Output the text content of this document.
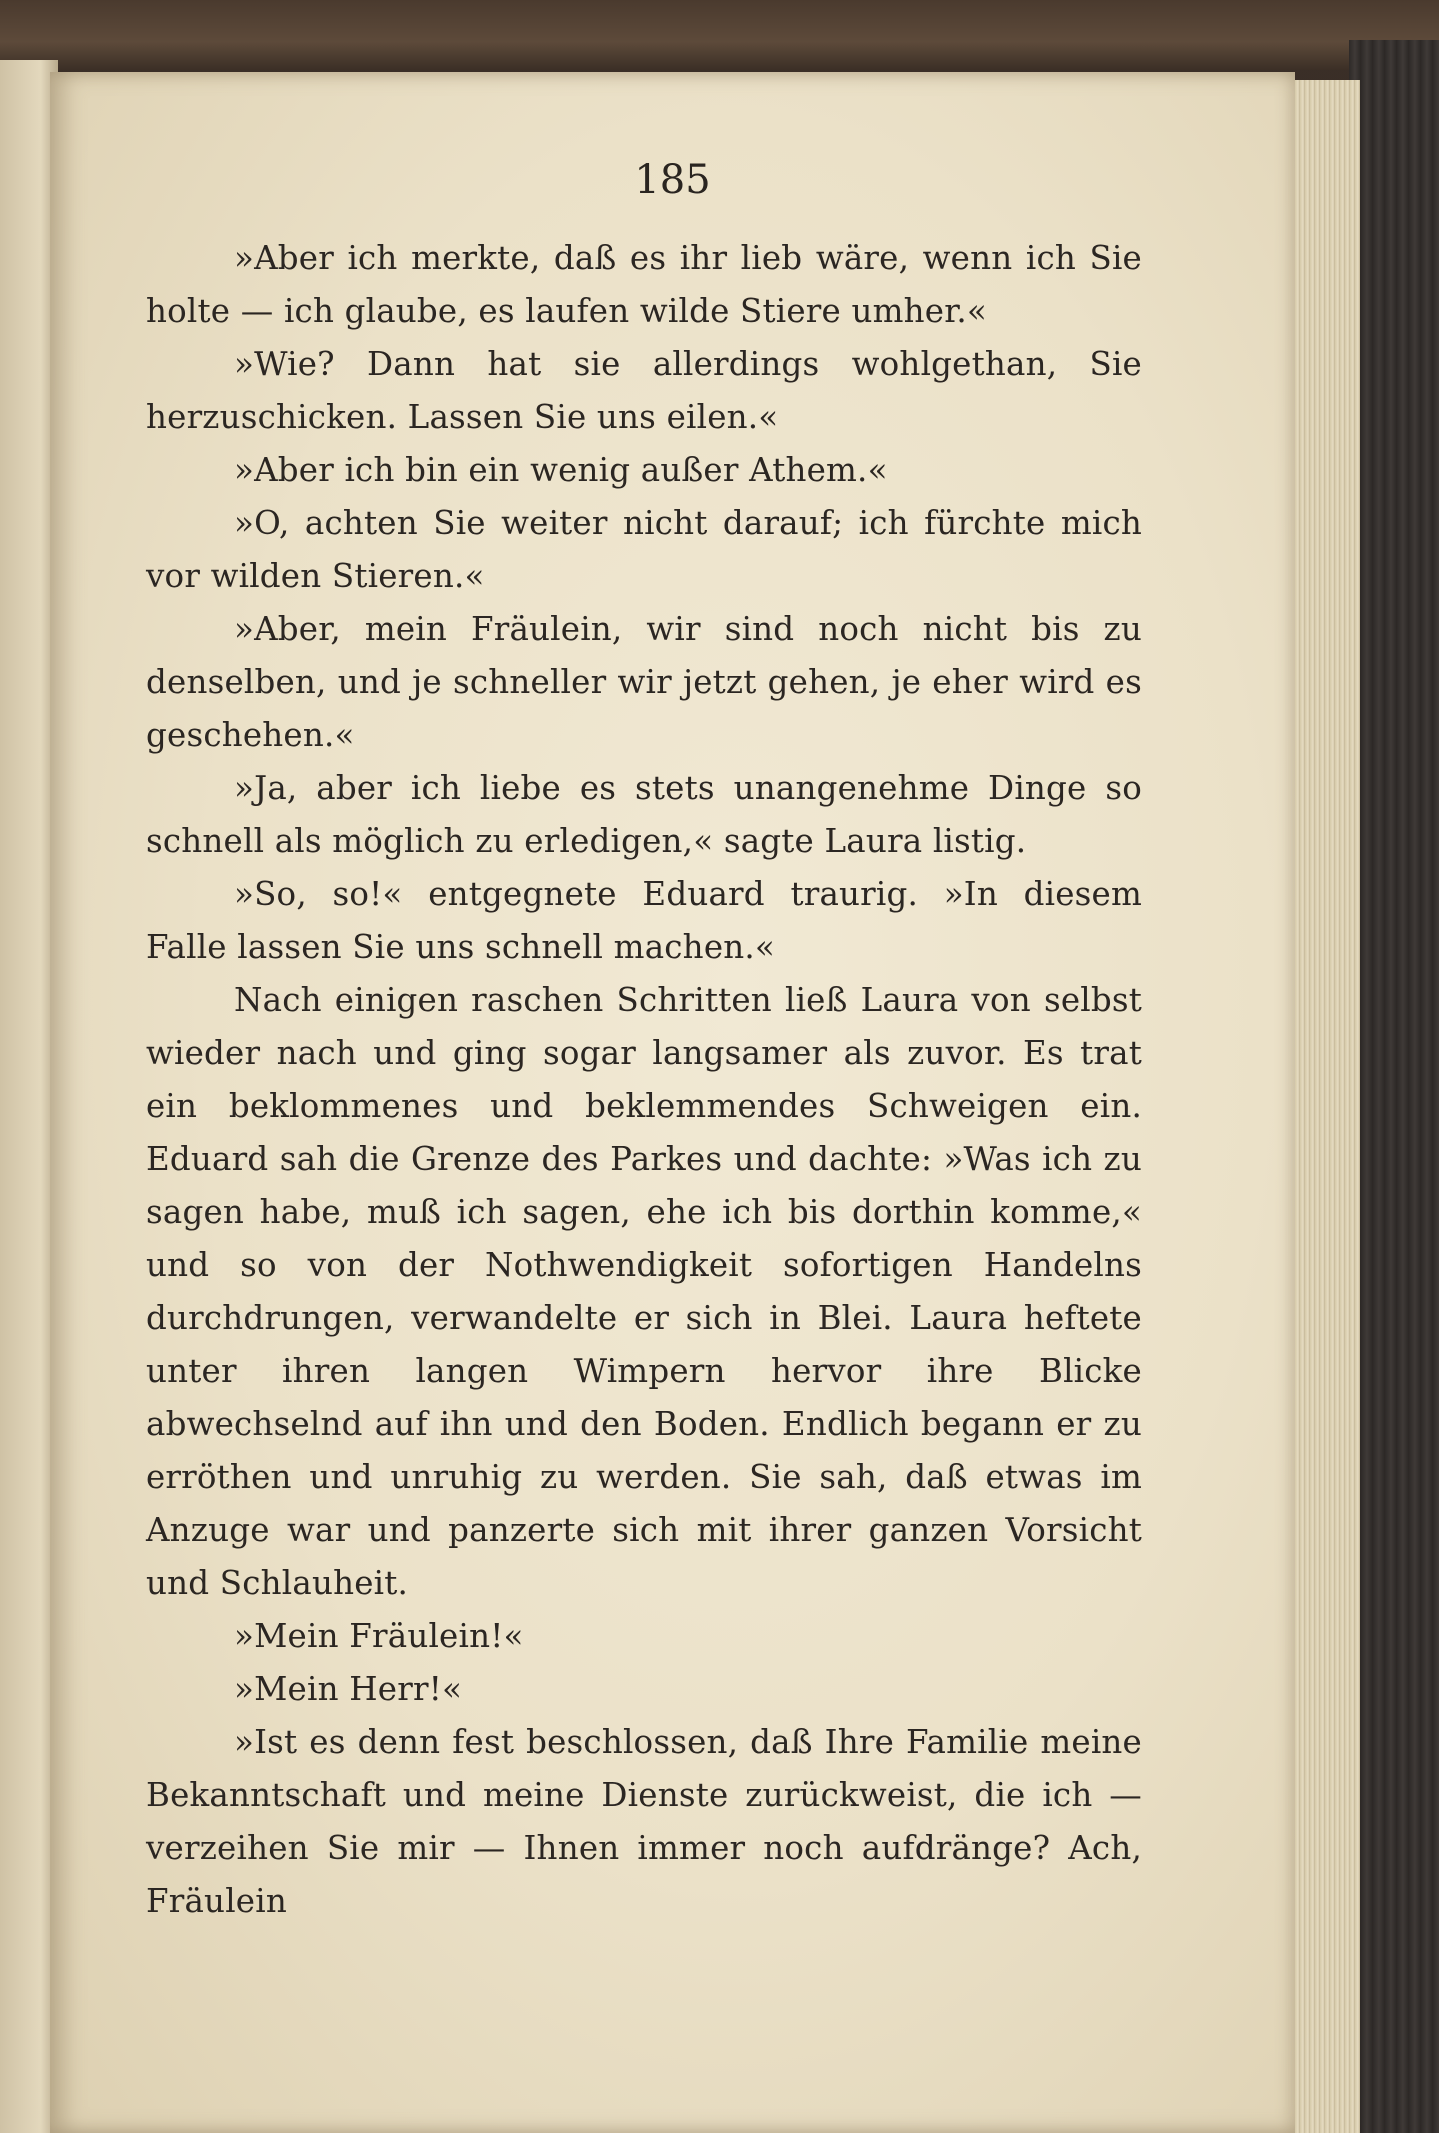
185

»Aber ich merkte, daß es ihr lieb wäre, wenn ich Sie holte — ich glaube, es laufen wilde Stiere umher.«

»Wie? Dann hat sie allerdings wohlgethan, Sie herzuschicken. Lassen Sie uns eilen.«

»Aber ich bin ein wenig außer Athem.«

»O, achten Sie weiter nicht darauf; ich fürchte mich vor wilden Stieren.«

»Aber, mein Fräulein, wir sind noch nicht bis zu denselben, und je schneller wir jetzt gehen, je eher wird es geschehen.«

»Ja, aber ich liebe es stets unangenehme Dinge so schnell als möglich zu erledigen,« sagte Laura listig.

»So, so!« entgegnete Eduard traurig. »In diesem Falle lassen Sie uns schnell machen.«

Nach einigen raschen Schritten ließ Laura von selbst wieder nach und ging sogar langsamer als zuvor. Es trat ein beklommenes und beklemmendes Schweigen ein. Eduard sah die Grenze des Parkes und dachte: »Was ich zu sagen habe, muß ich sagen, ehe ich bis dorthin komme,« und so von der Nothwendigkeit sofortigen Handelns durchdrungen, verwandelte er sich in Blei. Laura heftete unter ihren langen Wimpern hervor ihre Blicke abwechselnd auf ihn und den Boden. Endlich begann er zu erröthen und unruhig zu werden. Sie sah, daß etwas im Anzuge war und panzerte sich mit ihrer ganzen Vorsicht und Schlauheit.

»Mein Fräulein!«

»Mein Herr!«

»Ist es denn fest beschlossen, daß Ihre Familie meine Bekanntschaft und meine Dienste zurückweist, die ich — verzeihen Sie mir — Ihnen immer noch aufdränge? Ach, Fräulein
